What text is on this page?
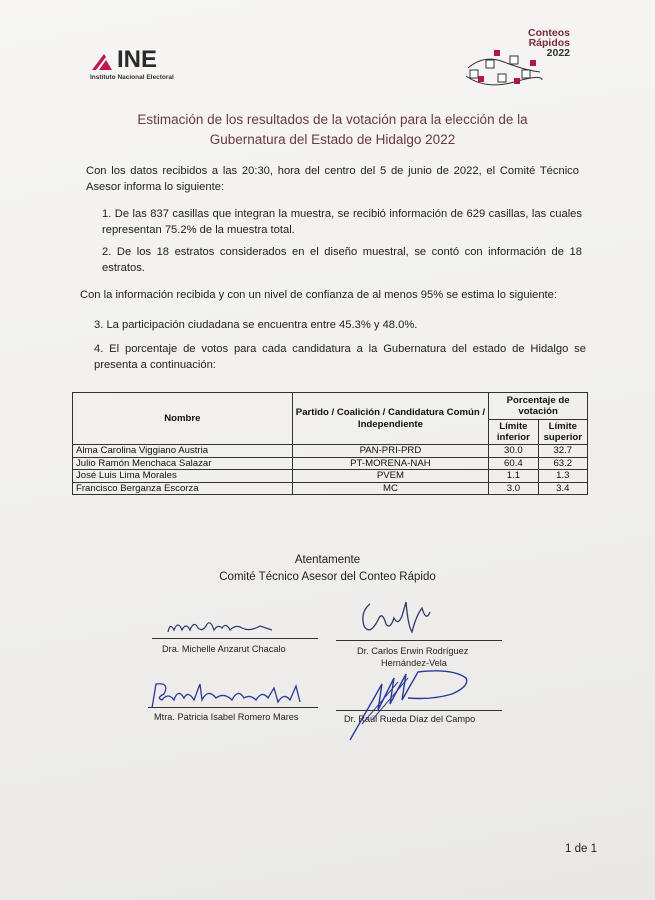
INE
Instituto Nacional Electoral
Conteos
Rápidos
2022
Estimación de los resultados de la votación para la elección de la
Gubernatura del Estado de Hidalgo 2022
Con los datos recibidos a las 20:30, hora del centro del 5 de junio de 2022, el Comité Técnico Asesor informa lo siguiente:
1. De las 837 casillas que integran la muestra, se recibió información de 629 casillas, las cuales representan 75.2% de la muestra total.
2. De los 18 estratos considerados en el diseño muestral, se contó con información de 18 estratos.
Con la información recibida y con un nivel de confianza de al menos 95% se estima lo siguiente:
3. La participación ciudadana se encuentra entre 45.3% y 48.0%.
4. El porcentaje de votos para cada candidatura a la Gubernatura del estado de Hidalgo se presenta a continuación:
Nombre	Partido / Coalición / Candidatura Común / Independiente	Porcentaje de votación	
		Límite inferior	Límite superior
Alma Carolina Viggiano Austria	PAN-PRI-PRD	30.0	32.7
Julio Ramón Menchaca Salazar	PT-MORENA-NAH	60.4	63.2
José Luis Lima Morales	PVEM	1.1	1.3
Francisco Berganza Escorza	MC	3.0	3.4
Atentamente
Comité Técnico Asesor del Conteo Rápido
Dra. Michelle Anzarut Chacalo	Dr. Carlos Erwin Rodríguez
Hernández-Vela
Mtra. Patricia Isabel Romero Mares	Dr. Raúl Rueda Díaz del Campo
1 de 1
